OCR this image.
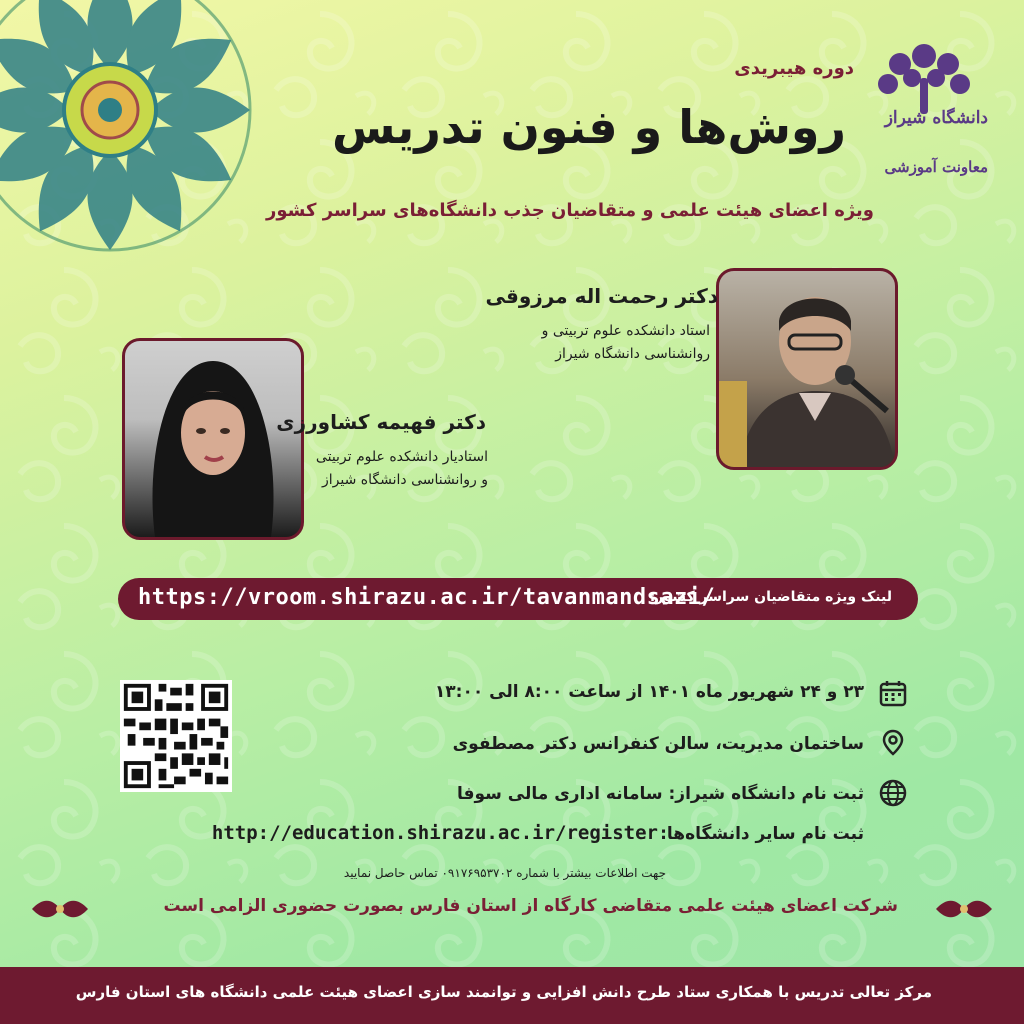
دانشگاه شیراز
معاونت آموزشی
دوره هیبریدی
روش‌ها و فنون تدریس
ویژه اعضای هیئت علمی و متقاضیان جذب دانشگاه‌های سراسر کشور
دکتر رحمت اله مرزوقی
استاد دانشکده علوم تربیتی و
روانشناسی دانشگاه شیراز
دکتر فهیمه کشاورزی
استادیار دانشکده علوم تربیتی
و روانشناسی دانشگاه شیراز
لینک ویژه متقاضیان سراسر کشور:
https://vroom.shirazu.ac.ir/tavanmandsazi/
۲۳ و ۲۴ شهریور ماه ۱۴۰۱ از ساعت ۸:۰۰ الی ۱۳:۰۰
ساختمان مدیریت، سالن کنفرانس دکتر مصطفوی
ثبت نام دانشگاه شیراز: سامانه اداری مالی سوفا
ثبت نام سایر دانشگاه‌ها:
http://education.shirazu.ac.ir/register
جهت اطلاعات بیشتر با شماره ۰۹۱۷۶۹۵۳۷۰۲ تماس حاصل نمایید
شرکت اعضای هیئت علمی متقاضی کارگاه از استان فارس بصورت حضوری الزامی است
مرکز تعالی تدریس با همکاری ستاد طرح دانش افزایی و توانمند سازی اعضای هیئت علمی دانشگاه های استان فارس
